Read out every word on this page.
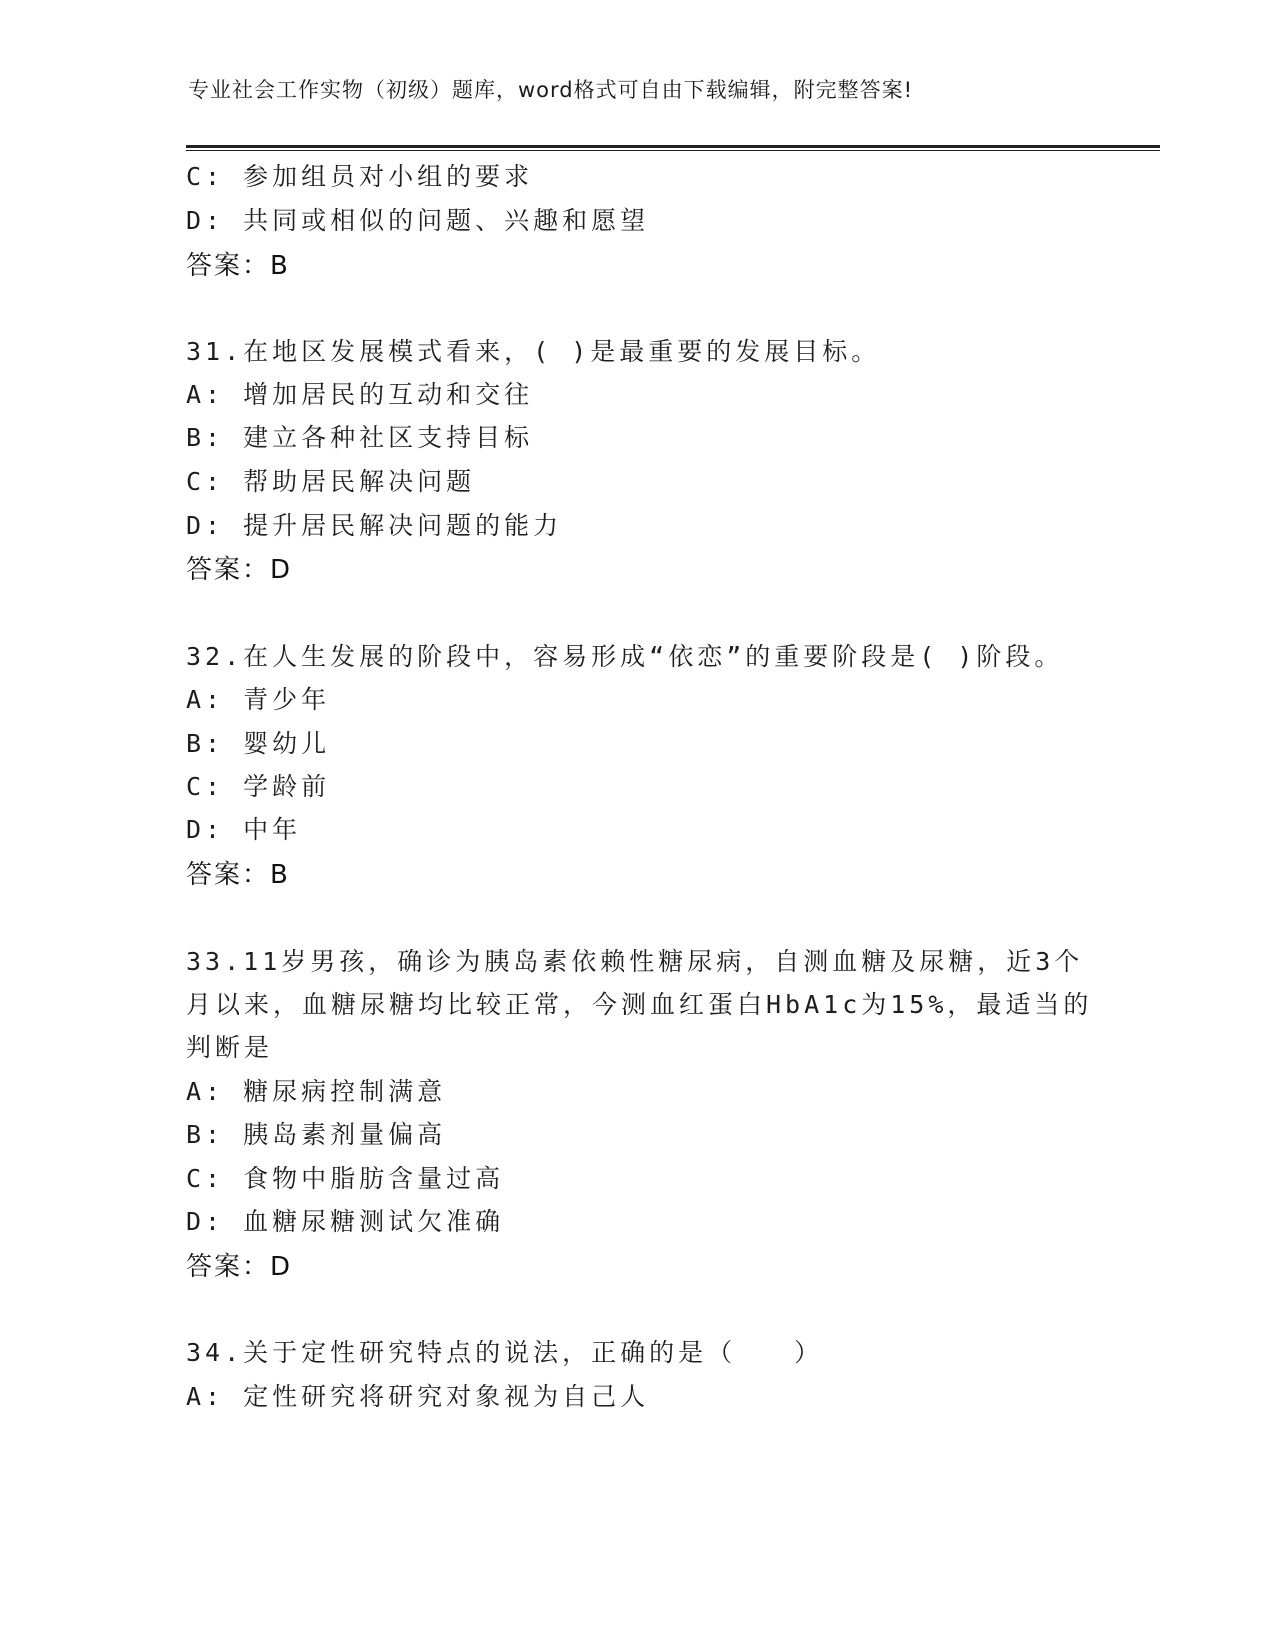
专业社会工作实物（初级）题库，word格式可自由下载编辑，附完整答案!
C: 参加组员对小组的要求
D: 共同或相似的问题、兴趣和愿望
答案：B
31.在地区发展模式看来，( )是最重要的发展目标。
A: 增加居民的互动和交往
B: 建立各种社区支持目标
C: 帮助居民解决问题
D: 提升居民解决问题的能力
答案：D
32.在人生发展的阶段中，容易形成“依恋”的重要阶段是( )阶段。
A: 青少年
B: 婴幼儿
C: 学龄前
D: 中年
答案：B
33.11岁男孩，确诊为胰岛素依赖性糖尿病，自测血糖及尿糖，近3个
月以来，血糖尿糖均比较正常，今测血红蛋白HbA1c为15%，最适当的
判断是
A: 糖尿病控制满意
B: 胰岛素剂量偏高
C: 食物中脂肪含量过高
D: 血糖尿糖测试欠准确
答案：D
34.关于定性研究特点的说法，正确的是（　　）
A: 定性研究将研究对象视为自己人
